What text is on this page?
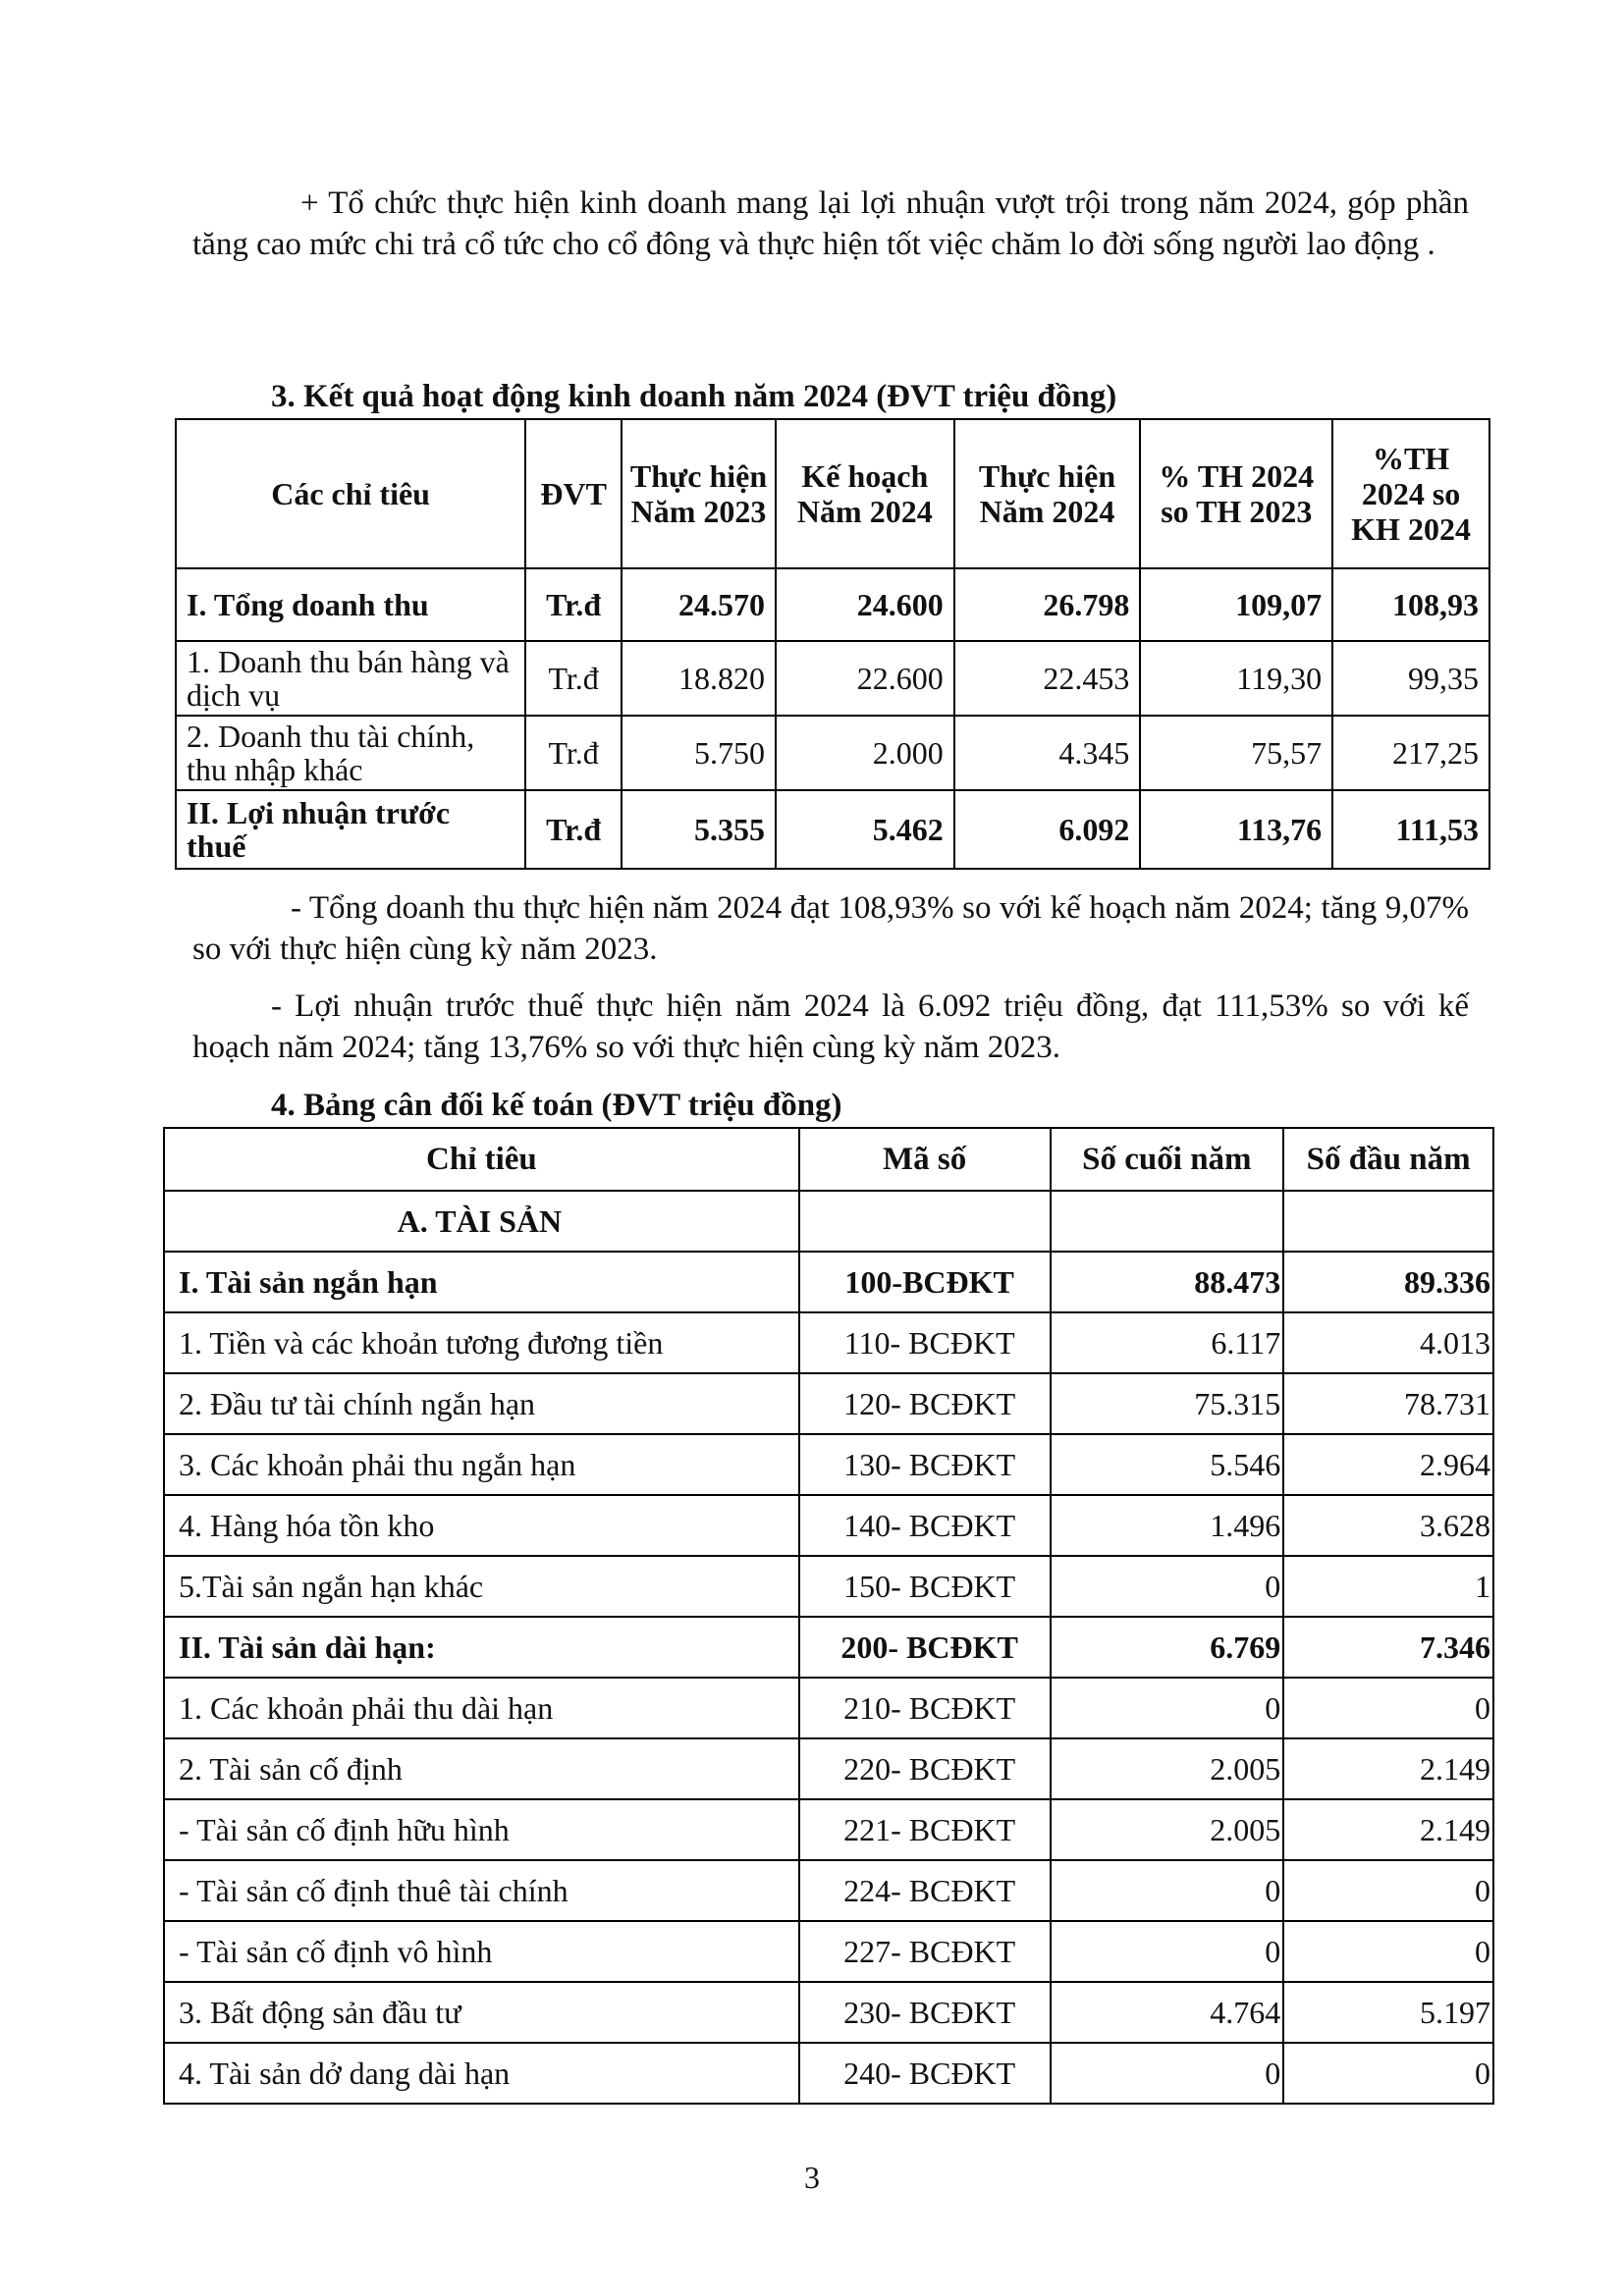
+ Tổ chức thực hiện kinh doanh mang lại lợi nhuận vượt trội trong năm 2024, góp phần tăng cao mức chi trả cổ tức cho cổ đông và thực hiện tốt việc chăm lo đời sống người lao động .

3. Kết quả hoạt động kinh doanh năm 2024 (ĐVT triệu đồng)
Các chỉ tiêu	ĐVT	Thực hiện Năm 2023	Kế hoạch Năm 2024	Thực hiện Năm 2024	% TH 2024 so TH 2023	%TH 2024 so KH 2024
I. Tổng doanh thu	Tr.đ	24.570	24.600	26.798	109,07	108,93
1. Doanh thu bán hàng và dịch vụ	Tr.đ	18.820	22.600	22.453	119,30	99,35
2. Doanh thu tài chính, thu nhập khác	Tr.đ	5.750	2.000	4.345	75,57	217,25
II. Lợi nhuận trước thuế	Tr.đ	5.355	5.462	6.092	113,76	111,53

- Tổng doanh thu thực hiện năm 2024 đạt 108,93% so với kế hoạch năm 2024; tăng 9,07% so với thực hiện cùng kỳ năm 2023.

- Lợi nhuận trước thuế thực hiện năm 2024 là 6.092 triệu đồng, đạt 111,53% so với kế hoạch năm 2024; tăng 13,76% so với thực hiện cùng kỳ năm 2023.

4. Bảng cân đối kế toán (ĐVT triệu đồng)
Chỉ tiêu	Mã số	Số cuối năm	Số đầu năm
A. TÀI SẢN			
I. Tài sản ngắn hạn	100-BCĐKT	88.473	89.336
1. Tiền và các khoản tương đương tiền	110- BCĐKT	6.117	4.013
2. Đầu tư tài chính ngắn hạn	120- BCĐKT	75.315	78.731
3. Các khoản phải thu ngắn hạn	130- BCĐKT	5.546	2.964
4. Hàng hóa tồn kho	140- BCĐKT	1.496	3.628
5.Tài sản ngắn hạn khác	150- BCĐKT	0	1
II. Tài sản dài hạn:	200- BCĐKT	6.769	7.346
1. Các khoản phải thu dài hạn	210- BCĐKT	0	0
2. Tài sản cố định	220- BCĐKT	2.005	2.149
- Tài sản cố định hữu hình	221- BCĐKT	2.005	2.149
- Tài sản cố định thuê tài chính	224- BCĐKT	0	0
- Tài sản cố định vô hình	227- BCĐKT	0	0
3. Bất động sản đầu tư	230- BCĐKT	4.764	5.197
4. Tài sản dở dang dài hạn	240- BCĐKT	0	0
3
